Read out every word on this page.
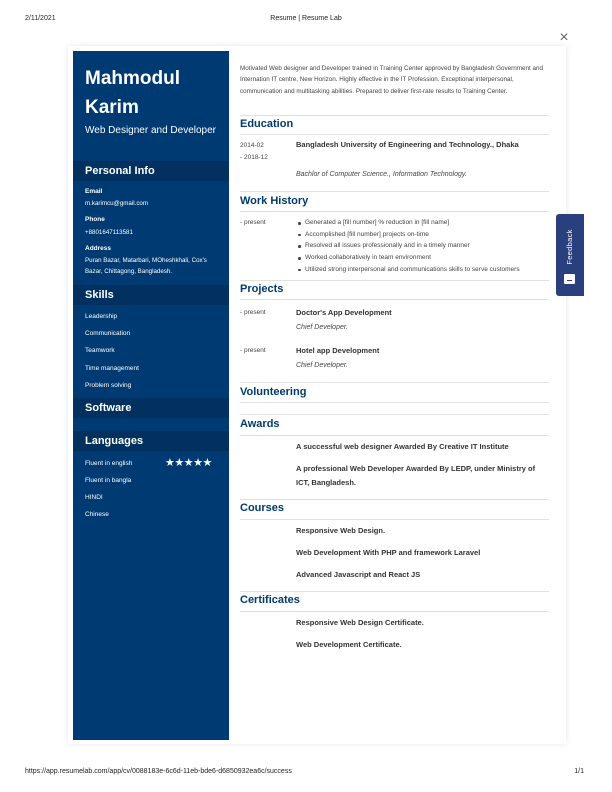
2/11/2021	Resume | Resume Lab
×
Mahmodul
Karim
Web Designer and Developer
Personal Info
Email
m.karimcu@gmail.com
Phone
+8801647113581
Address
Puran Bazar, Matarbari, MOheshkhali, Cox's Bazar, Chittagong, Bangladesh.
Skills
Leadership
Communication
Teamwork
Time management
Problem solving
Software
Languages
Fluent in english	★★★★★
Fluent in bangla
HINDI
Chinese
Motivated Web designer and Developer trained in Training Center approved by Bangladesh Government and Internation IT centre, New Horizon. Highly effective in the IT Profession. Exceptional interpersonal, communication and multitasking abilities. Prepared to deliver first-rate results to Training Center.
Education
2014-02
- 2018-12
Bangladesh University of Engineering and Technology., Dhaka
Bachlor of Computer Science., Information Technology.
Work History
- present	Generated a [fill number] % reduction in [fill name]
Accomplished [fill number] projects on-time
Resolved all issues professionally and in a timely manner
Worked collaboratively in team environment
Utilized strong interpersonal and communications skills to serve customers
Projects
- present	Doctor's App Development
Chief Developer.
- present	Hotel app Development
Chief Developer.
Volunteering
Awards
A successful web designer Awarded By Creative IT Institute
A professional Web Developer Awarded By LEDP, under Ministry of ICT, Bangladesh.
Courses
Responsive Web Design.
Web Development With PHP and framework Laravel
Advanced Javascript and React JS
Certificates
Responsive Web Design Certificate.
Web Development Certificate.
Feedback
https://app.resumelab.com/app/cv/0088183e-6c6d-11eb-bde6-d6850932ea6c/success	1/1
